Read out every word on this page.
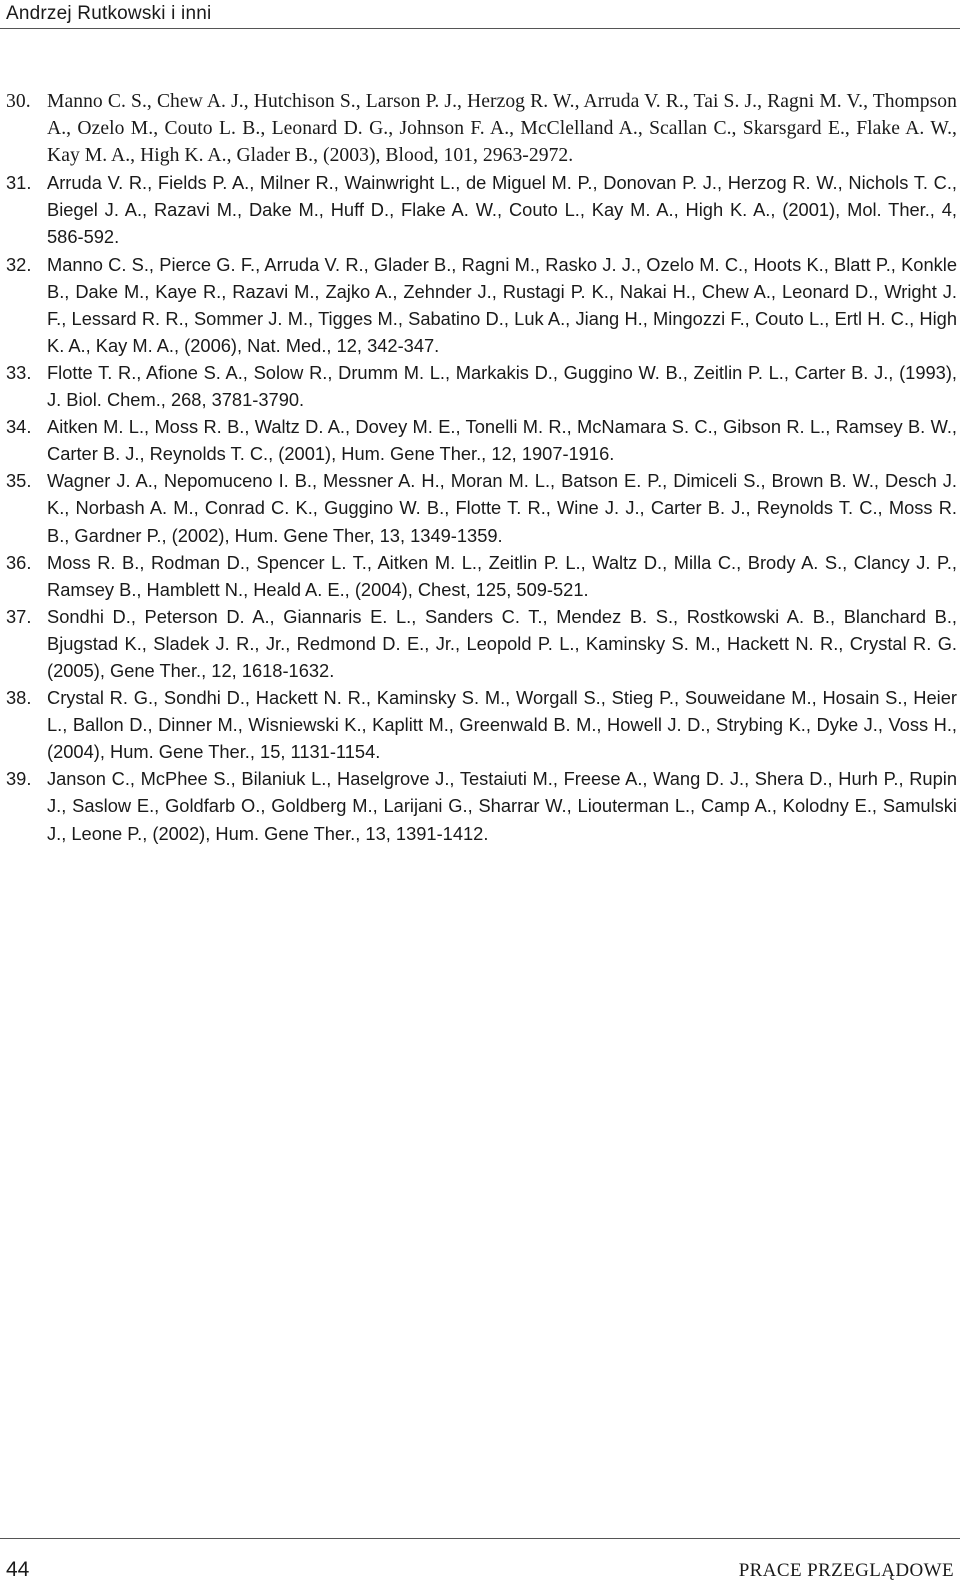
Andrzej Rutkowski i inni
30. Manno C. S., Chew A. J., Hutchison S., Larson P. J., Herzog R. W., Arruda V. R., Tai S. J., Ragni M. V., Thompson A., Ozelo M., Couto L. B., Leonard D. G., Johnson F. A., McClelland A., Scallan C., Skarsgard E., Flake A. W., Kay M. A., High K. A., Glader B., (2003), Blood, 101, 2963-2972.
31. Arruda V. R., Fields P. A., Milner R., Wainwright L., de Miguel M. P., Donovan P. J., Herzog R. W., Nichols T. C., Biegel J. A., Razavi M., Dake M., Huff D., Flake A. W., Couto L., Kay M. A., High K. A., (2001), Mol. Ther., 4, 586-592.
32. Manno C. S., Pierce G. F., Arruda V. R., Glader B., Ragni M., Rasko J. J., Ozelo M. C., Hoots K., Blatt P., Konkle B., Dake M., Kaye R., Razavi M., Zajko A., Zehnder J., Rustagi P. K., Nakai H., Chew A., Leonard D., Wright J. F., Lessard R. R., Sommer J. M., Tigges M., Sabatino D., Luk A., Jiang H., Mingozzi F., Couto L., Ertl H. C., High K. A., Kay M. A., (2006), Nat. Med., 12, 342-347.
33. Flotte T. R., Afione S. A., Solow R., Drumm M. L., Markakis D., Guggino W. B., Zeitlin P. L., Carter B. J., (1993), J. Biol. Chem., 268, 3781-3790.
34. Aitken M. L., Moss R. B., Waltz D. A., Dovey M. E., Tonelli M. R., McNamara S. C., Gibson R. L., Ramsey B. W., Carter B. J., Reynolds T. C., (2001), Hum. Gene Ther., 12, 1907-1916.
35. Wagner J. A., Nepomuceno I. B., Messner A. H., Moran M. L., Batson E. P., Dimiceli S., Brown B. W., Desch J. K., Norbash A. M., Conrad C. K., Guggino W. B., Flotte T. R., Wine J. J., Carter B. J., Reynolds T. C., Moss R. B., Gardner P., (2002), Hum. Gene Ther, 13, 1349-1359.
36. Moss R. B., Rodman D., Spencer L. T., Aitken M. L., Zeitlin P. L., Waltz D., Milla C., Brody A. S., Clancy J. P., Ramsey B., Hamblett N., Heald A. E., (2004), Chest, 125, 509-521.
37. Sondhi D., Peterson D. A., Giannaris E. L., Sanders C. T., Mendez B. S., Rostkowski A. B., Blanchard B., Bjugstad K., Sladek J. R., Jr., Redmond D. E., Jr., Leopold P. L., Kaminsky S. M., Hackett N. R., Crystal R. G. (2005), Gene Ther., 12, 1618-1632.
38. Crystal R. G., Sondhi D., Hackett N. R., Kaminsky S. M., Worgall S., Stieg P., Souweidane M., Hosain S., Heier L., Ballon D., Dinner M., Wisniewski K., Kaplitt M., Greenwald B. M., Howell J. D., Strybing K., Dyke J., Voss H., (2004), Hum. Gene Ther., 15, 1131-1154.
39. Janson C., McPhee S., Bilaniuk L., Haselgrove J., Testaiuti M., Freese A., Wang D. J., Shera D., Hurh P., Rupin J., Saslow E., Goldfarb O., Goldberg M., Larijani G., Sharrar W., Liouterman L., Camp A., Kolodny E., Samulski J., Leone P., (2002), Hum. Gene Ther., 13, 1391-1412.
44	PRACE PRZEGLĄDOWE
